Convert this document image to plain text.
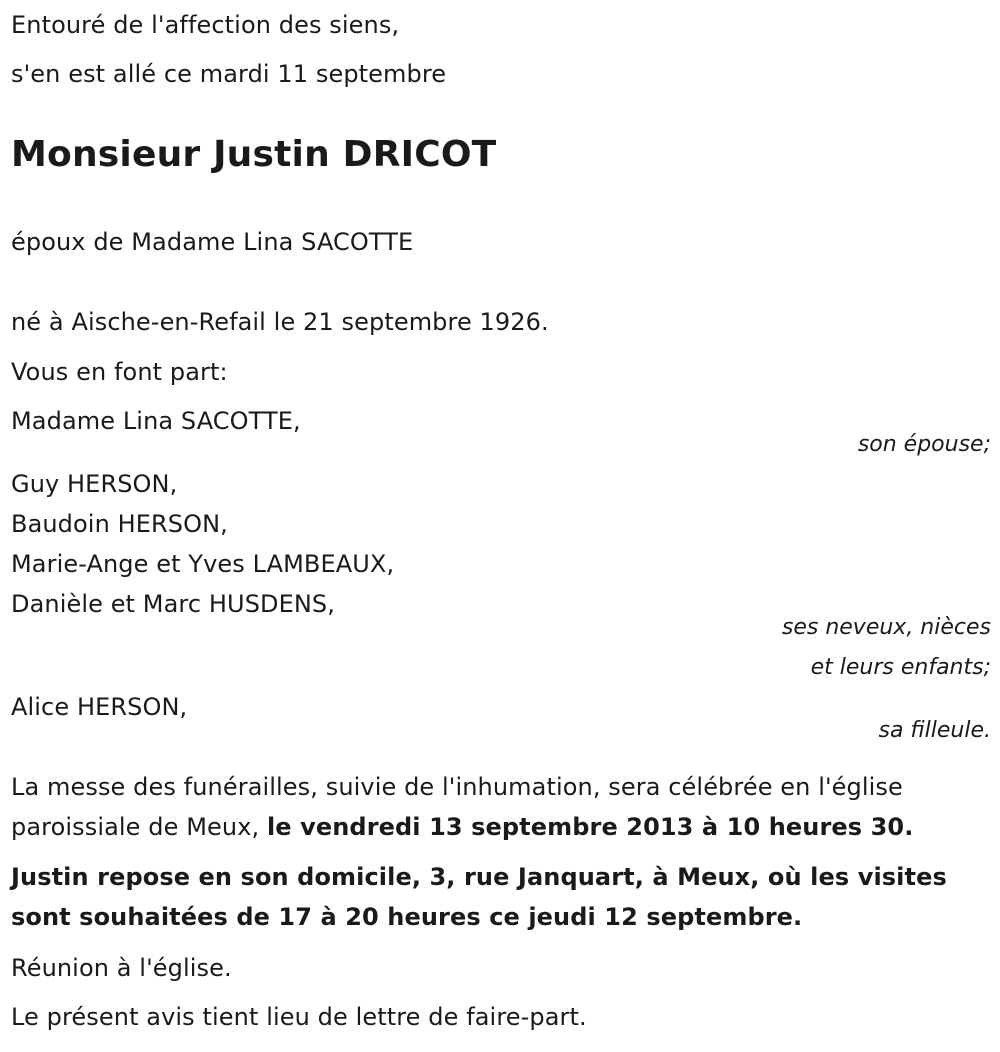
Entouré de l'affection des siens,
s'en est allé ce mardi 11 septembre
Monsieur Justin DRICOT
époux de Madame Lina SACOTTE
né à Aische-en-Refail le 21 septembre 1926.
Vous en font part:
Madame Lina SACOTTE,
son épouse;
Guy HERSON,
Baudoin HERSON,
Marie-Ange et Yves LAMBEAUX,
Danièle et Marc HUSDENS,
ses neveux, nièces
et leurs enfants;
Alice HERSON,
sa filleule.
La messe des funérailles, suivie de l'inhumation, sera célébrée en l'église paroissiale de Meux, le vendredi 13 septembre 2013 à 10 heures 30.
Justin repose en son domicile, 3, rue Janquart, à Meux, où les visites sont souhaitées de 17 à 20 heures ce jeudi 12 septembre.
Réunion à l'église.
Le présent avis tient lieu de lettre de faire-part.
